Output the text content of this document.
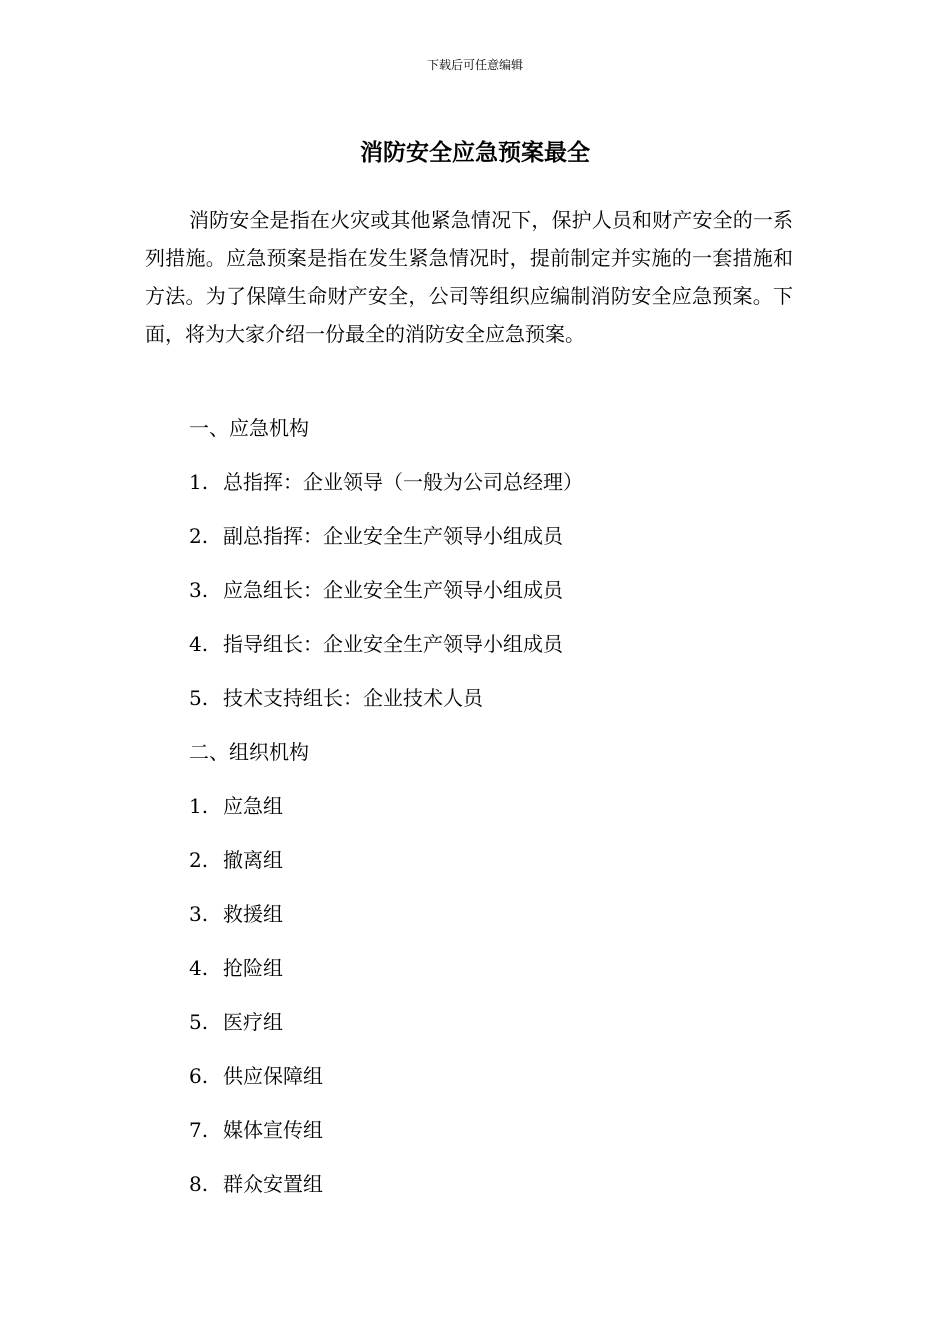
下载后可任意编辑
消防安全应急预案最全

消防安全是指在火灾或其他紧急情况下，保护人员和财产安全的一系列措施。应急预案是指在发生紧急情况时，提前制定并实施的一套措施和方法。为了保障生命财产安全，公司等组织应编制消防安全应急预案。下面，将为大家介绍一份最全的消防安全应急预案。

一、应急机构

1. 总指挥：企业领导（一般为公司总经理）

2. 副总指挥：企业安全生产领导小组成员

3. 应急组长：企业安全生产领导小组成员

4. 指导组长：企业安全生产领导小组成员

5. 技术支持组长：企业技术人员

二、组织机构

1. 应急组

2. 撤离组

3. 救援组

4. 抢险组

5. 医疗组

6. 供应保障组

7. 媒体宣传组

8. 群众安置组
